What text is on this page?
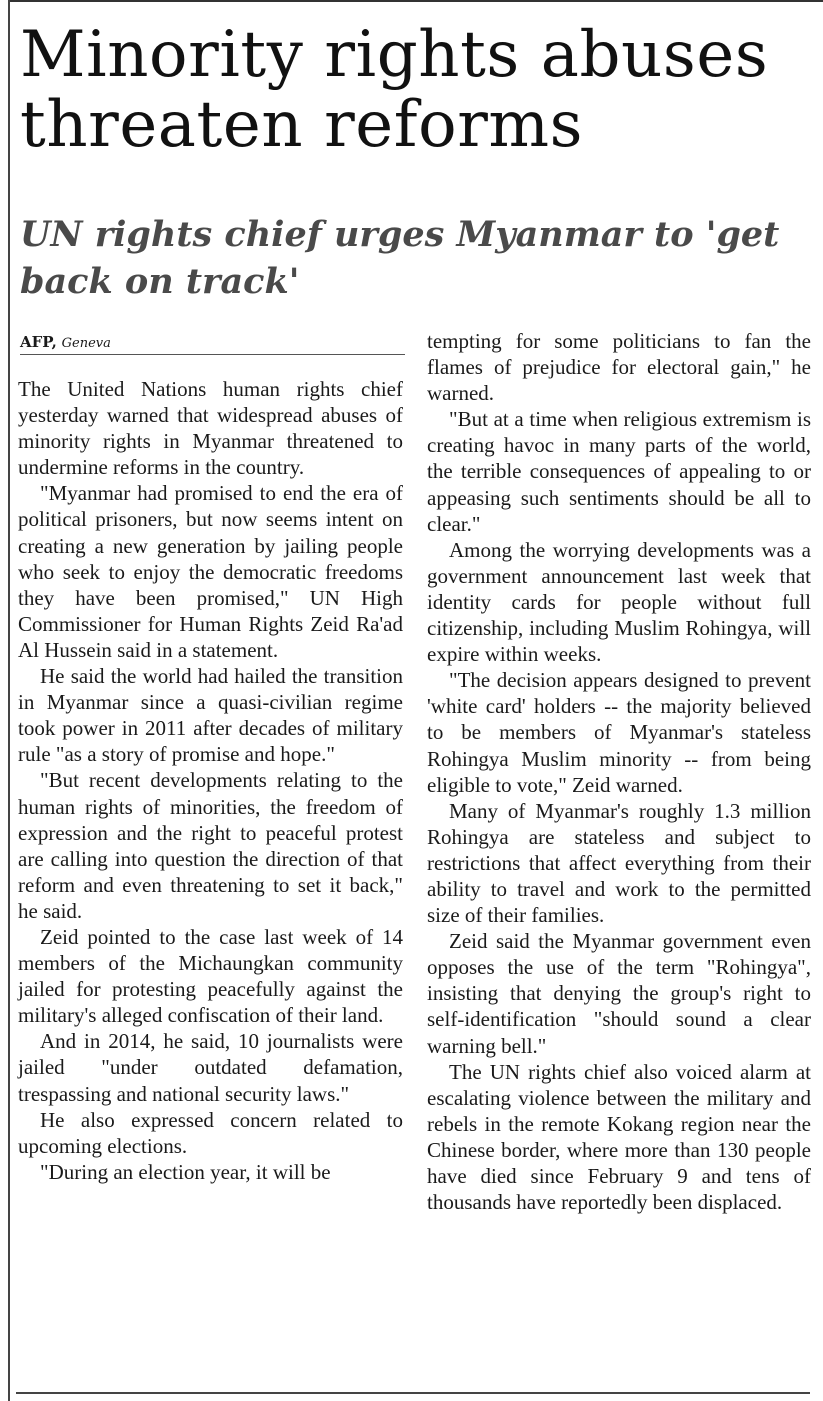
Minority rights abuses threaten reforms
UN rights chief urges Myanmar to 'get back on track'
AFP, Geneva

The United Nations human rights chief yesterday warned that widespread abuses of minority rights in Myanmar threatened to undermine reforms in the country.

"Myanmar had promised to end the era of political prisoners, but now seems intent on creating a new generation by jailing people who seek to enjoy the democratic freedoms they have been promised," UN High Commissioner for Human Rights Zeid Ra'ad Al Hussein said in a statement.

He said the world had hailed the transition in Myanmar since a quasi-civilian regime took power in 2011 after decades of military rule "as a story of promise and hope."

"But recent developments relating to the human rights of minorities, the freedom of expression and the right to peaceful protest are calling into question the direction of that reform and even threatening to set it back," he said.

Zeid pointed to the case last week of 14 members of the Michaungkan community jailed for protesting peacefully against the military's alleged confiscation of their land.

And in 2014, he said, 10 journalists were jailed "under outdated defamation, trespassing and national security laws."

He also expressed concern related to upcoming elections.

"During an election year, it will be

tempting for some politicians to fan the flames of prejudice for electoral gain," he warned.

"But at a time when religious extremism is creating havoc in many parts of the world, the terrible consequences of appealing to or appeasing such sentiments should be all to clear."

Among the worrying developments was a government announcement last week that identity cards for people without full citizenship, including Muslim Rohingya, will expire within weeks.

"The decision appears designed to prevent 'white card' holders -- the majority believed to be members of Myanmar's stateless Rohingya Muslim minority -- from being eligible to vote," Zeid warned.

Many of Myanmar's roughly 1.3 million Rohingya are stateless and subject to restrictions that affect everything from their ability to travel and work to the permitted size of their families.

Zeid said the Myanmar government even opposes the use of the term "Rohingya", insisting that denying the group's right to self-identification "should sound a clear warning bell."

The UN rights chief also voiced alarm at escalating violence between the military and rebels in the remote Kokang region near the Chinese border, where more than 130 people have died since February 9 and tens of thousands have reportedly been displaced.
